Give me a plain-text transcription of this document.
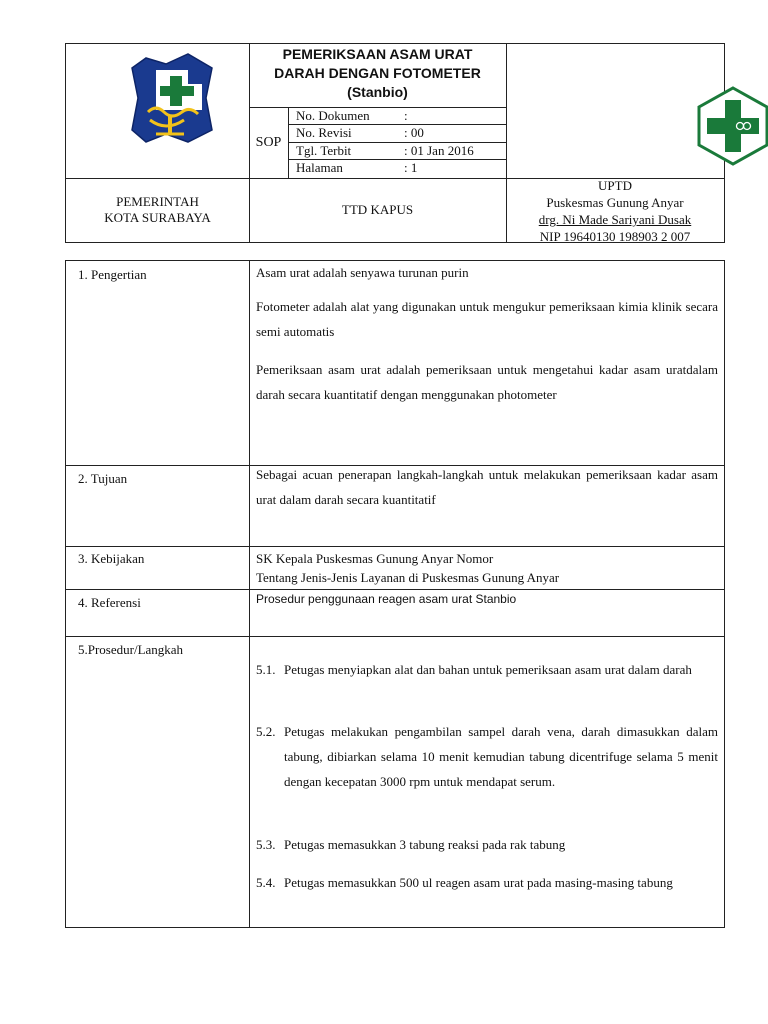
PEMERIKSAAN ASAM URAT
DARAH DENGAN FOTOMETER
(Stanbio)
SOP
No. Dokumen	:
No. Revisi	: 00
Tgl. Terbit	: 01 Jan 2016
Halaman	: 1
PEMERINTAH
KOTA SURABAYA
TTD KAPUS
UPTD
Puskesmas Gunung Anyar
drg. Ni Made Sariyani Dusak
NIP 19640130 198903 2 007
1. Pengertian	Asam urat adalah senyawa turunan purin
Fotometer adalah alat yang digunakan untuk mengukur pemeriksaan kimia klinik secara semi automatis
Pemeriksaan asam urat adalah pemeriksaan untuk mengetahui kadar asam uratdalam darah secara kuantitatif dengan menggunakan photometer
2. Tujuan	Sebagai acuan penerapan langkah-langkah untuk melakukan pemeriksaan kadar asam urat dalam darah secara kuantitatif
3. Kebijakan	SK Kepala Puskesmas Gunung Anyar Nomor
Tentang Jenis-Jenis Layanan di Puskesmas Gunung Anyar
4. Referensi	Prosedur penggunaan reagen asam urat Stanbio
5.Prosedur/Langkah
5.1. Petugas menyiapkan alat dan bahan untuk pemeriksaan asam urat dalam darah
5.2. Petugas melakukan pengambilan sampel darah vena, darah dimasukkan dalam tabung, dibiarkan selama 10 menit kemudian tabung dicentrifuge selama 5 menit dengan kecepatan 3000 rpm untuk mendapat serum.
5.3. Petugas memasukkan 3 tabung reaksi pada rak tabung
5.4. Petugas memasukkan 500 ul reagen asam urat pada masing-masing tabung
